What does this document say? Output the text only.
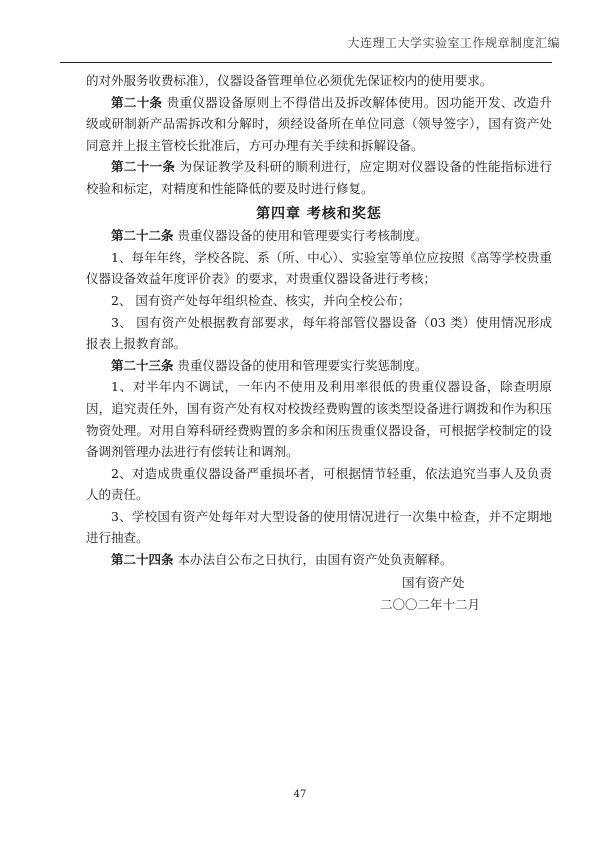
大连理工大学实验室工作规章制度汇编

的对外服务收费标准），仪器设备管理单位必须优先保证校内的使用要求。

第二十条 贵重仪器设备原则上不得借出及拆改解体使用。因功能开发、改造升级或研制新产品需拆改和分解时，须经设备所在单位同意（领导签字），国有资产处同意并上报主管校长批准后，方可办理有关手续和拆解设备。

第二十一条 为保证教学及科研的顺利进行，应定期对仪器设备的性能指标进行校验和标定，对精度和性能降低的要及时进行修复。

第四章 考核和奖惩

第二十二条 贵重仪器设备的使用和管理要实行考核制度。

1、每年年终，学校各院、系（所、中心）、实验室等单位应按照《高等学校贵重仪器设备效益年度评价表》的要求，对贵重仪器设备进行考核；

2、 国有资产处每年组织检查、核实，并向全校公布；

3、 国有资产处根据教育部要求，每年将部管仪器设备（03 类）使用情况形成报表上报教育部。

第二十三条 贵重仪器设备的使用和管理要实行奖惩制度。

1、对半年内不调试，一年内不使用及利用率很低的贵重仪器设备，除查明原因，追究责任外，国有资产处有权对校拨经费购置的该类型设备进行调拨和作为积压物资处理。对用自筹科研经费购置的多余和闲压贵重仪器设备，可根据学校制定的设备调剂管理办法进行有偿转让和调剂。

2、对造成贵重仪器设备严重损坏者，可根据情节轻重，依法追究当事人及负责人的责任。

3、学校国有资产处每年对大型设备的使用情况进行一次集中检查，并不定期地进行抽查。

第二十四条 本办法自公布之日执行，由国有资产处负责解释。

国有资产处
二〇〇二年十二月
47
